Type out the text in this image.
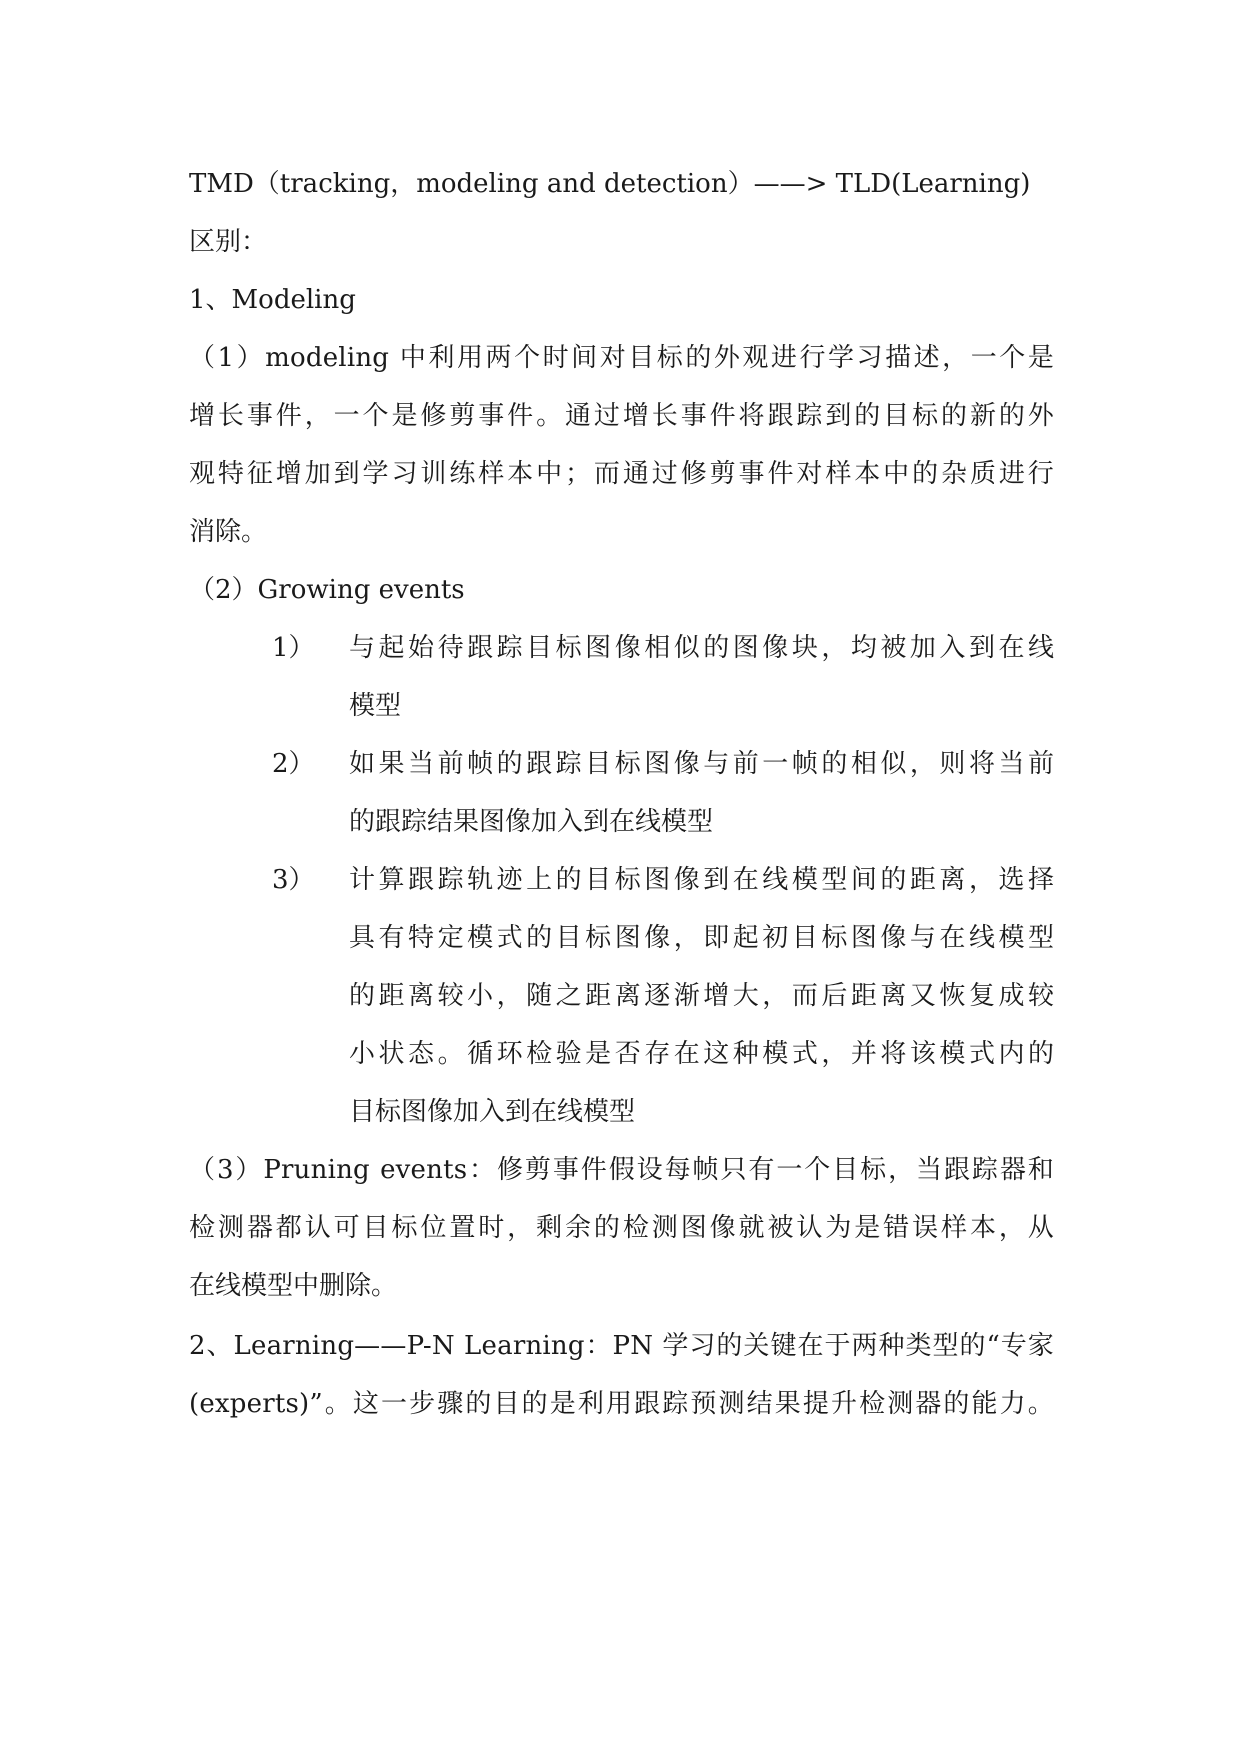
TMD（tracking，modeling and detection）——> TLD(Learning)
区别：
1、Modeling
（1）modeling 中利用两个时间对目标的外观进行学习描述，一个是
增长事件，一个是修剪事件。通过增长事件将跟踪到的目标的新的外
观特征增加到学习训练样本中；而通过修剪事件对样本中的杂质进行
消除。
（2）Growing events
1） 与起始待跟踪目标图像相似的图像块，均被加入到在线
模型
2） 如果当前帧的跟踪目标图像与前一帧的相似，则将当前
的跟踪结果图像加入到在线模型
3） 计算跟踪轨迹上的目标图像到在线模型间的距离，选择
具有特定模式的目标图像，即起初目标图像与在线模型
的距离较小，随之距离逐渐增大，而后距离又恢复成较
小状态。循环检验是否存在这种模式，并将该模式内的
目标图像加入到在线模型
（3）Pruning events：修剪事件假设每帧只有一个目标，当跟踪器和
检测器都认可目标位置时，剩余的检测图像就被认为是错误样本，从
在线模型中删除。
2、Learning——P-N Learning：PN 学习的关键在于两种类型的“专家
(experts)”。这一步骤的目的是利用跟踪预测结果提升检测器的能力。
